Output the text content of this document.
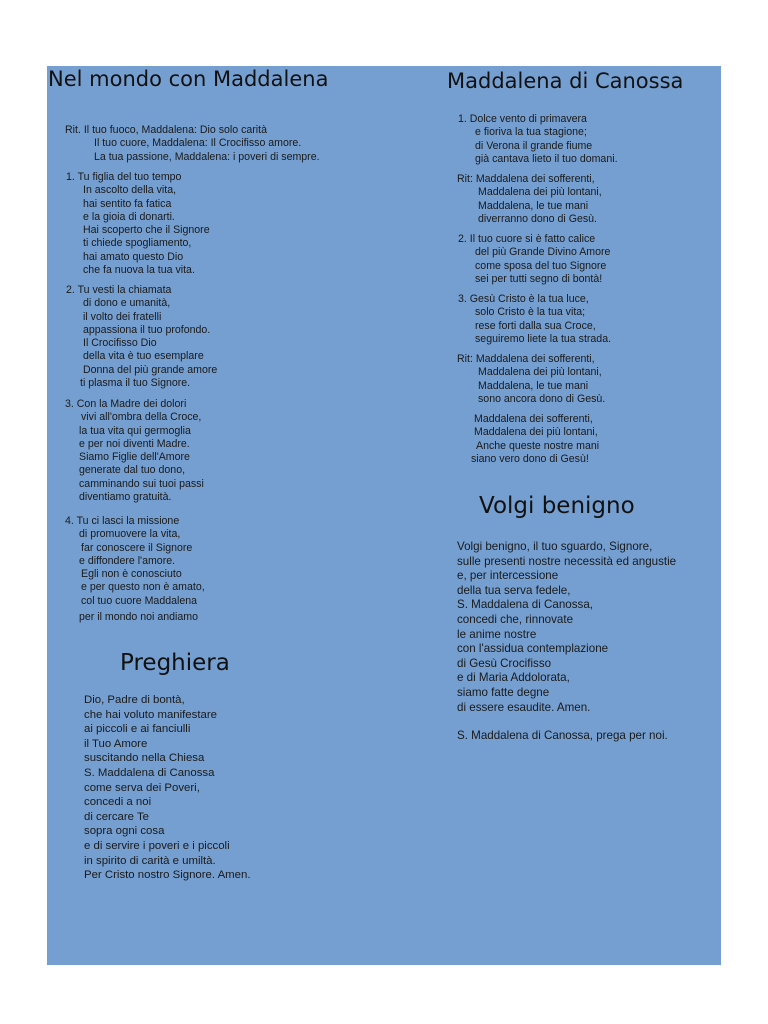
Nel mondo con Maddalena
Rit. Il tuo fuoco, Maddalena: Dio solo carità
Il tuo cuore, Maddalena: Il Crocifisso amore.
La tua passione, Maddalena: i poveri di sempre.
1. Tu figlia del tuo tempo
In ascolto della vita,
hai sentito fa fatica
e la gioia di donarti.
Hai scoperto che il Signore
ti chiede spogliamento,
hai amato questo Dio
che fa nuova la tua vita.
2. Tu vesti la chiamata
di dono e umanità,
il volto dei fratelli
appassiona il tuo profondo.
Il Crocifisso Dio
della vita è tuo esemplare
Donna del più grande amore
ti plasma il tuo Signore.
3. Con la Madre dei dolori
vivi all'ombra della Croce,
la tua vita qui germoglia
e per noi diventi Madre.
Siamo Figlie dell'Amore
generate dal tuo dono,
camminando sui tuoi passi
diventiamo gratuità.
4. Tu ci lasci la missione
di promuovere la vita,
far conoscere il Signore
e diffondere l'amore.
Egli non è conosciuto
e per questo non è amato,
col tuo cuore Maddalena
per il mondo noi andiamo
Preghiera
Dio, Padre di bontà,
che hai voluto manifestare
ai piccoli e ai fanciulli
il Tuo Amore
suscitando nella Chiesa
S. Maddalena di Canossa
come serva dei Poveri,
concedi a noi
di cercare Te
sopra ogni cosa
e di servire i poveri e i piccoli
in spirito di carità e umiltà.
Per Cristo nostro Signore. Amen.
Maddalena di Canossa
1. Dolce vento di primavera
e fioriva la tua stagione;
di Verona il grande fiume
già cantava lieto il tuo domani.
Rit: Maddalena dei sofferenti,
Maddalena dei più lontani,
Maddalena, le tue mani
diverranno dono di Gesù.
2. Il tuo cuore si è fatto calice
del più Grande Divino Amore
come sposa del tuo Signore
sei per tutti segno di bontà!
3. Gesù Cristo è la tua luce,
solo Cristo è la tua vita;
rese forti dalla sua Croce,
seguiremo liete la tua strada.
Rit: Maddalena dei sofferenti,
Maddalena dei più lontani,
Maddalena, le tue mani
sono ancora dono di Gesù.
Maddalena dei sofferenti,
Maddalena dei più lontani,
Anche queste nostre mani
siano vero dono di Gesù!
Volgi benigno
Volgi benigno, il tuo sguardo, Signore,
sulle presenti nostre necessità ed angustie
e, per intercessione
della tua serva fedele,
S. Maddalena di Canossa,
concedi che, rinnovate
le anime nostre
con l'assidua contemplazione
di Gesù Crocifisso
e di Maria Addolorata,
siamo fatte degne
di essere esaudite. Amen.
S. Maddalena di Canossa, prega per noi.
